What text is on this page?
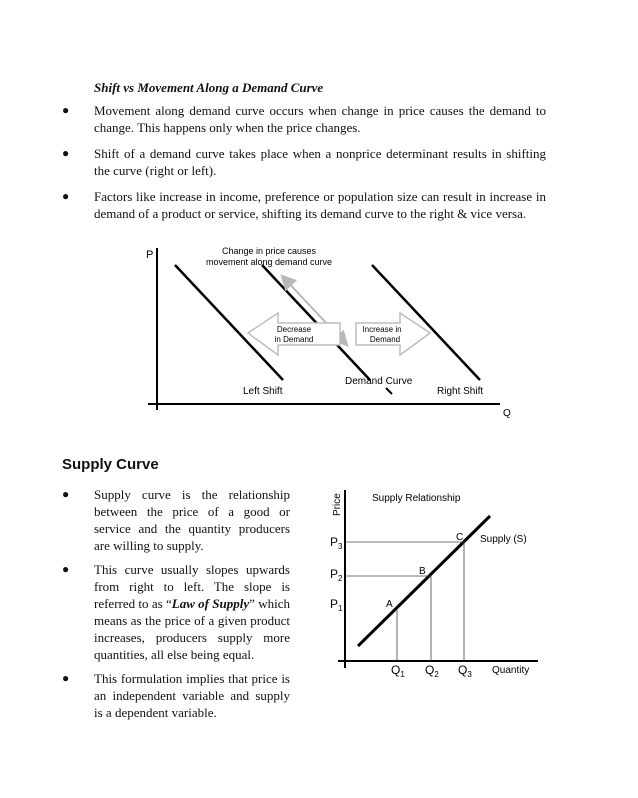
Shift vs Movement Along a Demand Curve
● Movement along demand curve occurs when change in price causes the demand to change. This happens only when the price changes.
● Shift of a demand curve takes place when a nonprice determinant results in shifting the curve (right or left).
● Factors like increase in income, preference or population size can result in increase in demand of a product or service, shifting its demand curve to the right & vice versa.
P
Q
Change in price causes
movement along demand curve
Decrease
in Demand
Increase in
Demand
Left Shift
Demand Curve
Right Shift
Supply Curve
● Supply curve is the relationship between the price of a good or service and the quantity producers are willing to supply.
● This curve usually slopes upwards from right to left. The slope is referred to as “Law of Supply” which means as the price of a given product increases, producers supply more quantities, all else being equal.
● This formulation implies that price is an independent variable and supply is a dependent variable.
Price	Supply Relationship
Supply (S)
Quantity
$P_3$
$P_2$
$P_1$
$Q_1$ $Q_2$ $Q_3$
A
B
C
